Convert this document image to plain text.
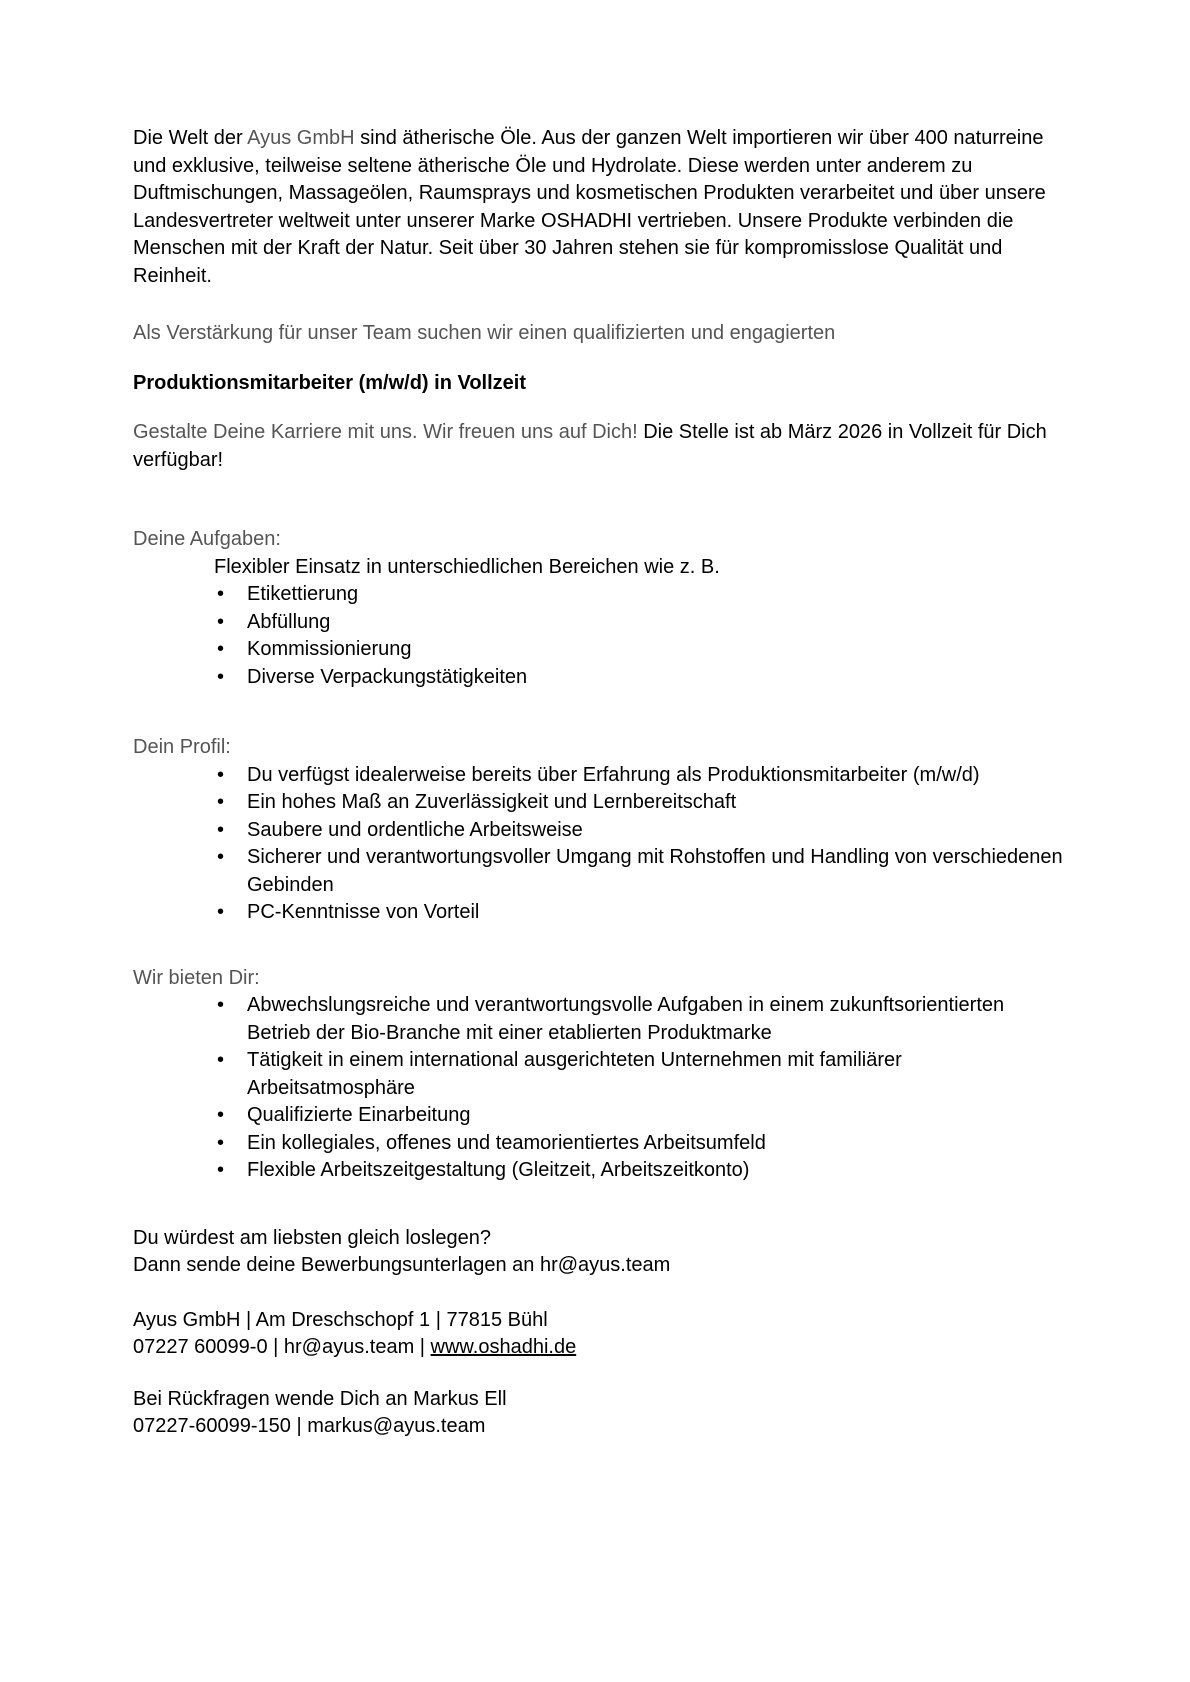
Die Welt der Ayus GmbH sind ätherische Öle. Aus der ganzen Welt importieren wir über 400 naturreine und exklusive, teilweise seltene ätherische Öle und Hydrolate. Diese werden unter anderem zu Duftmischungen, Massageölen, Raumsprays und kosmetischen Produkten verarbeitet und über unsere Landesvertreter weltweit unter unserer Marke OSHADHI vertrieben. Unsere Produkte verbinden die Menschen mit der Kraft der Natur. Seit über 30 Jahren stehen sie für kompromisslose Qualität und Reinheit.

Als Verstärkung für unser Team suchen wir einen qualifizierten und engagierten

Produktionsmitarbeiter (m/w/d) in Vollzeit

Gestalte Deine Karriere mit uns. Wir freuen uns auf Dich! Die Stelle ist ab März 2026 in Vollzeit für Dich verfügbar!

Deine Aufgaben:

Flexibler Einsatz in unterschiedlichen Bereichen wie z. B.

• Etikettierung
• Abfüllung
• Kommissionierung
• Diverse Verpackungstätigkeiten

Dein Profil:

• Du verfügst idealerweise bereits über Erfahrung als Produktionsmitarbeiter (m/w/d)
• Ein hohes Maß an Zuverlässigkeit und Lernbereitschaft
• Saubere und ordentliche Arbeitsweise
• Sicherer und verantwortungsvoller Umgang mit Rohstoffen und Handling von verschiedenen Gebinden
• PC-Kenntnisse von Vorteil

Wir bieten Dir:

• Abwechslungsreiche und verantwortungsvolle Aufgaben in einem zukunftsorientierten Betrieb der Bio-Branche mit einer etablierten Produktmarke
• Tätigkeit in einem international ausgerichteten Unternehmen mit familiärer Arbeitsatmosphäre
• Qualifizierte Einarbeitung
• Ein kollegiales, offenes und teamorientiertes Arbeitsumfeld
• Flexible Arbeitszeitgestaltung (Gleitzeit, Arbeitszeitkonto)

Du würdest am liebsten gleich loslegen?

Dann sende deine Bewerbungsunterlagen an hr@ayus.team

Ayus GmbH | Am Dreschschopf 1 | 77815 Bühl

07227 60099-0 | hr@ayus.team | www.oshadhi.de

Bei Rückfragen wende Dich an Markus Ell

07227-60099-150 | markus@ayus.team
